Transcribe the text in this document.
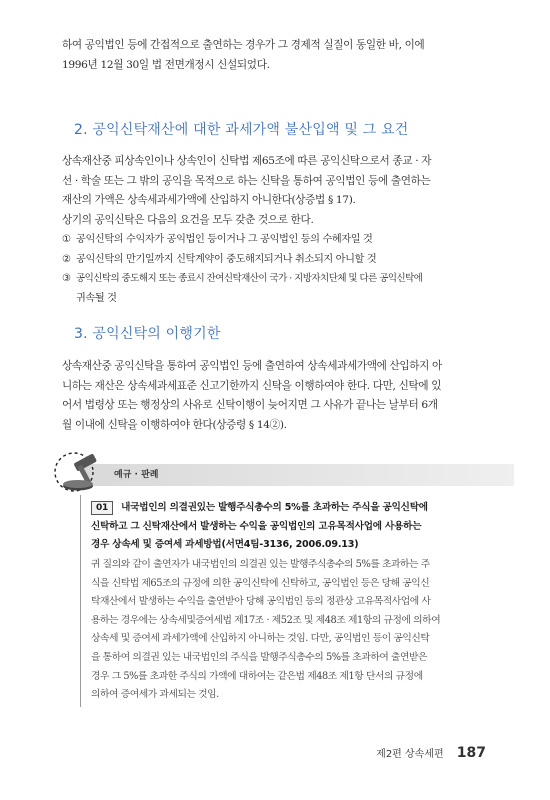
하여 공익법인 등에 간접적으로 출연하는 경우가 그 경제적 실질이 동일한 바, 이에
1996년 12월 30일 법 전면개정시 신설되었다.

2. 공익신탁재산에 대한 과세가액 불산입액 및 그 요건

상속재산중 피상속인이나 상속인이 신탁법 제65조에 따른 공익신탁으로서 종교 · 자
선 · 학술 또는 그 밖의 공익을 목적으로 하는 신탁을 통하여 공익법인 등에 출연하는
재산의 가액은 상속세과세가액에 산입하지 아니한다(상증법 § 17).
상기의 공익신탁은 다음의 요건을 모두 갖춘 것으로 한다.

① 공익신탁의 수익자가 공익법인 등이거나 그 공익법인 등의 수혜자일 것
② 공익신탁의 만기일까지 신탁계약이 중도해지되거나 취소되지 아니할 것
③ 공익신탁의 중도해지 또는 종료시 잔여신탁재산이 국가 · 지방자치단체 및 다른 공익신탁에
귀속될 것
3. 공익신탁의 이행기한

상속재산중 공익신탁을 통하여 공익법인 등에 출연하여 상속세과세가액에 산입하지 아
니하는 재산은 상속세과세표준 신고기한까지 신탁을 이행하여야 한다. 다만, 신탁에 있
어서 법령상 또는 행정상의 사유로 신탁이행이 늦어지면 그 사유가 끝나는 날부터 6개
월 이내에 신탁을 이행하여야 한다(상증령 § 14②).

예규 · 판례

01 내국법인의 의결권있는 발행주식총수의 5%를 초과하는 주식을 공익신탁에
신탁하고 그 신탁재산에서 발생하는 수익을 공익법인의 고유목적사업에 사용하는
경우 상속세 및 증여세 과세방법(서면4팀-3136, 2006.09.13)

귀 질의와 같이 출연자가 내국법인의 의결권 있는 발행주식총수의 5%를 초과하는 주
식을 신탁법 제65조의 규정에 의한 공익신탁에 신탁하고, 공익법인 등은 당해 공익신
탁재산에서 발생하는 수익을 출연받아 당해 공익법인 등의 정관상 고유목적사업에 사
용하는 경우에는 상속세및증여세법 제17조 · 제52조 및 제48조 제1항의 규정에 의하여
상속세 및 증여세 과세가액에 산입하지 아니하는 것임. 다만, 공익법인 등이 공익신탁
을 통하여 의결권 있는 내국법인의 주식을 발행주식총수의 5%를 초과하여 출연받은
경우 그 5%를 초과한 주식의 가액에 대하여는 같은법 제48조 제1항 단서의 규정에
의하여 증여세가 과세되는 것임.

제2편 상속세편 187
